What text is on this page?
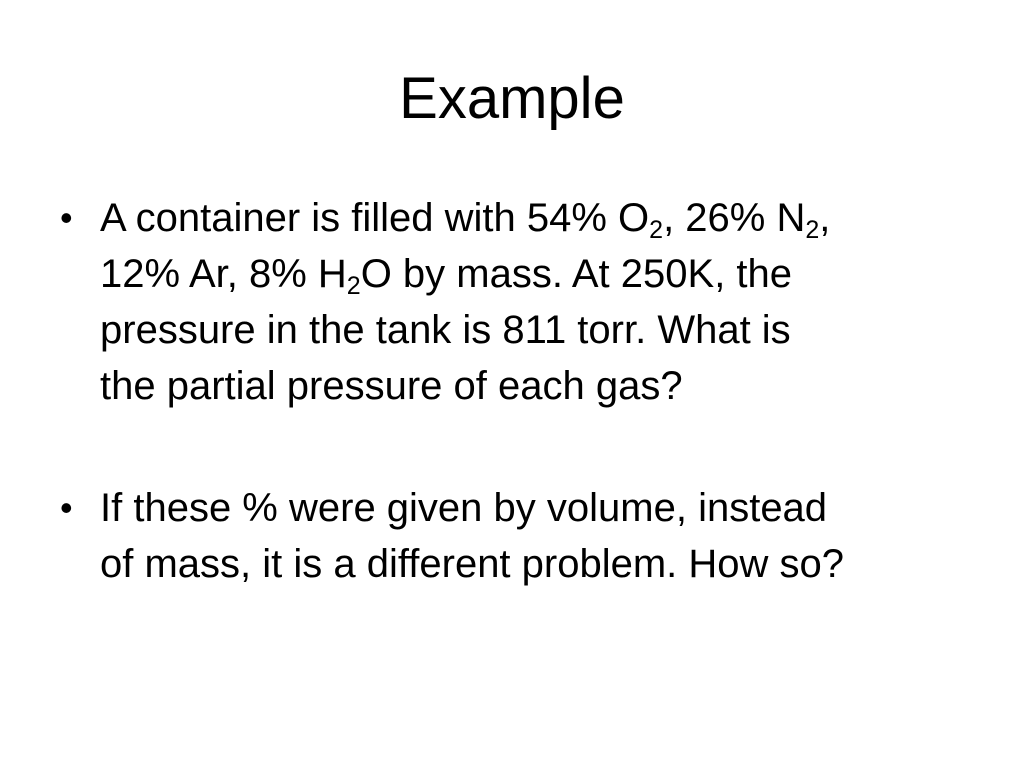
Example
• A container is filled with 54% $O_2$, 26% $N_2$,
12% Ar, 8% $H_2O$ by mass. At 250K, the
pressure in the tank is 811 torr. What is
the partial pressure of each gas?
• If these % were given by volume, instead
of mass, it is a different problem. How so?
